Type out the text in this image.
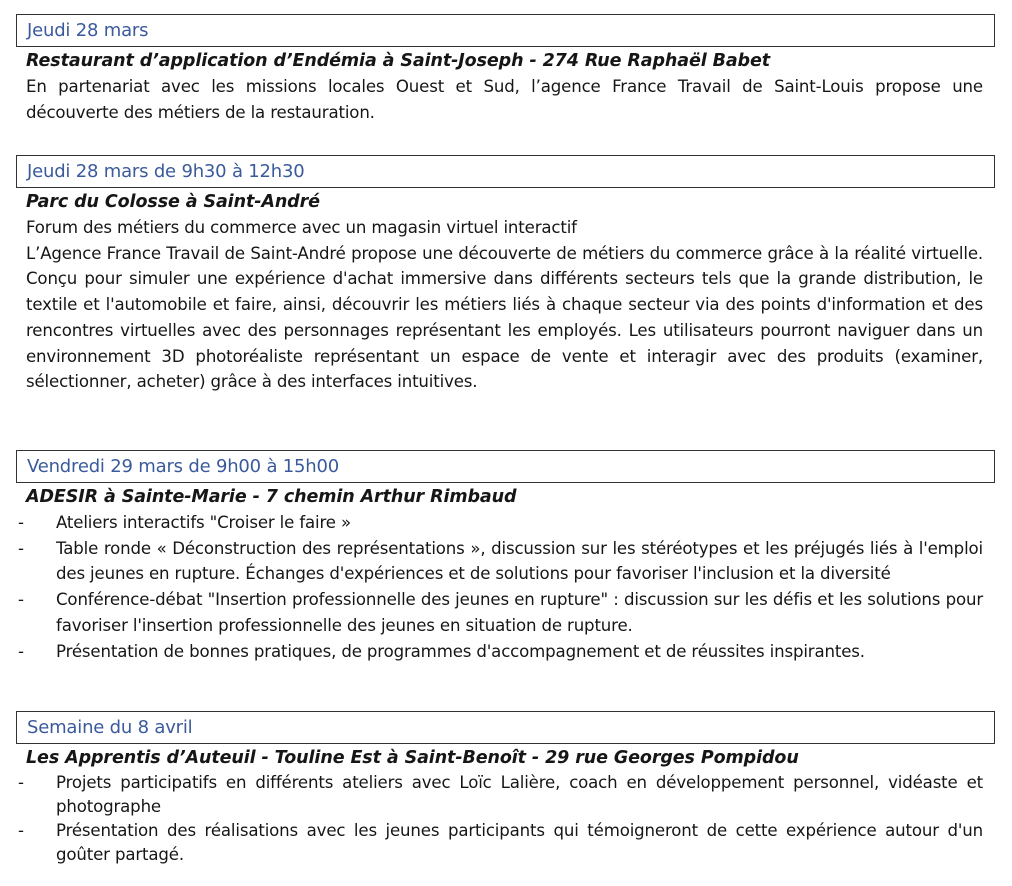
Jeudi 28 mars
Restaurant d’application d’Endémia à Saint-Joseph - 274 Rue Raphaël Babet
En partenariat avec les missions locales Ouest et Sud, l’agence France Travail de Saint-Louis propose une découverte des métiers de la restauration.
Jeudi 28 mars de 9h30 à 12h30
Parc du Colosse à Saint-André
Forum des métiers du commerce avec un magasin virtuel interactif
L’Agence France Travail de Saint-André propose une découverte de métiers du commerce grâce à la réalité virtuelle. Conçu pour simuler une expérience d'achat immersive dans différents secteurs tels que la grande distribution, le textile et l'automobile et faire, ainsi, découvrir les métiers liés à chaque secteur via des points d'information et des rencontres virtuelles avec des personnages représentant les employés. Les utilisateurs pourront naviguer dans un environnement 3D photoréaliste représentant un espace de vente et interagir avec des produits (examiner, sélectionner, acheter) grâce à des interfaces intuitives.
Vendredi 29 mars de 9h00 à 15h00
ADESIR à Sainte-Marie - 7 chemin Arthur Rimbaud
- Ateliers interactifs "Croiser le faire »
- Table ronde « Déconstruction des représentations », discussion sur les stéréotypes et les préjugés liés à l'emploi des jeunes en rupture. Échanges d'expériences et de solutions pour favoriser l'inclusion et la diversité
- Conférence-débat "Insertion professionnelle des jeunes en rupture" : discussion sur les défis et les solutions pour favoriser l'insertion professionnelle des jeunes en situation de rupture.
- Présentation de bonnes pratiques, de programmes d'accompagnement et de réussites inspirantes.
Semaine du 8 avril
Les Apprentis d’Auteuil - Touline Est à Saint-Benoît - 29 rue Georges Pompidou
- Projets participatifs en différents ateliers avec Loïc Lalière, coach en développement personnel, vidéaste et photographe
- Présentation des réalisations avec les jeunes participants qui témoigneront de cette expérience autour d'un goûter partagé.
